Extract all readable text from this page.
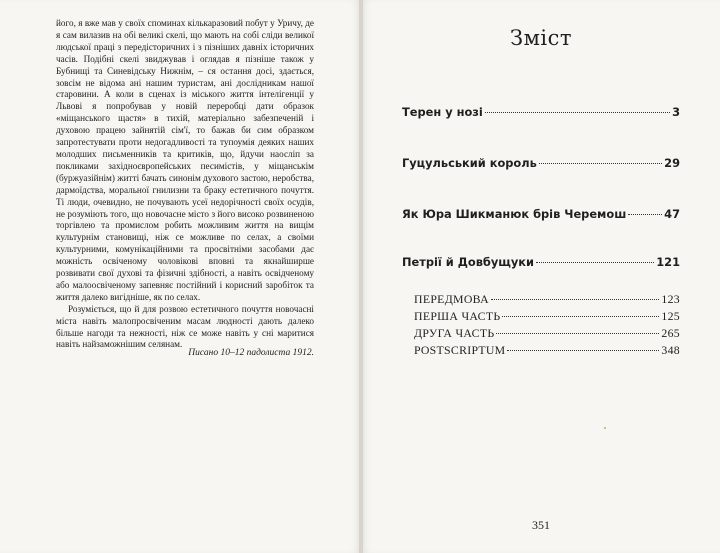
його, я вже мав у своїх споминах кількаразовий побут у Уричу, де я сам вилазив на обі великі скелі, що мають на собі сліди великої людської праці з передісторичних і з пізніших давніх історичних часів. Подібні скелі звиджував і оглядав я пізніше також у Бубнищі та Синевідську Нижнім, – ся остання досі, здається, зовсім не відома ані нашим туристам, ані дослідникам нашої старовини. А коли в сценах із міського життя інтелігенції у Львові я попробував у новій переробці дати образок «міщанського щастя» в тихій, матеріально забезпеченій і духовою працею зайнятій сім'ї, то бажав би сим образком запротестувати проти недогадливості та тупоумія деяких наших молодших письменників та критиків, що, йдучи наосліп за покликами західноєвропейських песимістів, у міщанськім (буржуазійнім) житті бачать синонім духового застою, неробства, дармоїдства, моральної гнилизни та браку естетичного почуття. Ті люди, очевидно, не почувають усеї недорічності своїх осудів, не розуміють того, що новочасне місто з його високо розвиненою торгівлею та промислом робить можливим життя на вищім культурнім становищі, ніж се можливе по селах, а своїми культурними, комунікаційними та просвітніми засобами дає можність освіченому чоловікові вповні та якнайширше розвивати свої духові та фізичні здібності, а навіть освідченому або малоосвіченому запевняє постійний і корисний заробіток та життя далеко вигідніше, як по селах.

Розуміється, що й для розвою естетичного почуття новочасні міста навіть малопросвіченим масам людності дають далеко більше нагоди та нежності, ніж се може навіть у сні маритися навіть найзаможнішим селянам.

Писано 10–12 падолиста 1912.
Зміст
Терен у нозі	3
Гуцульський король	29
Як Юра Шикманюк брів Черемош	47
Петрії й Довбущуки	121
ПЕРЕДМОВА	123
ПЕРША ЧАСТЬ	125
ДРУГА ЧАСТЬ	265
POSTSCRIPTUM	348
351
